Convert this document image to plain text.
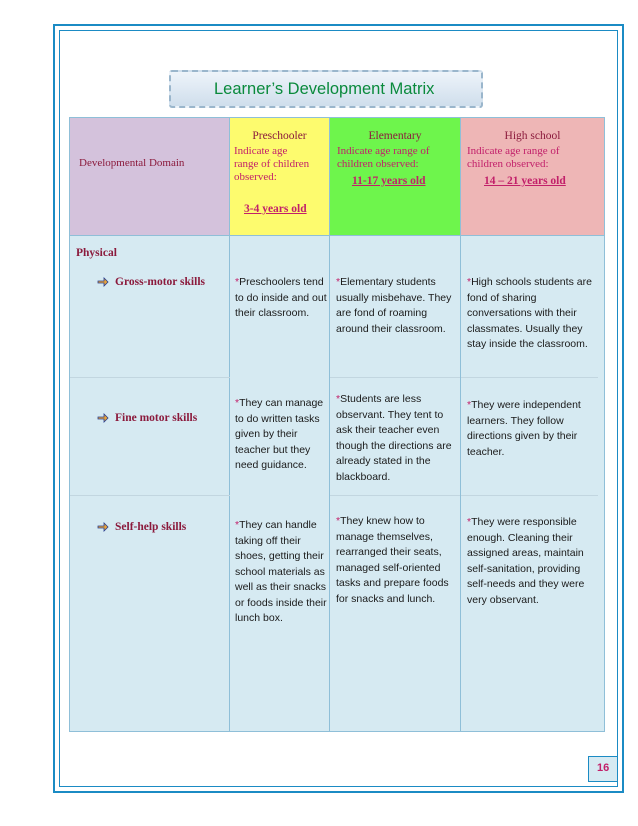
Learner’s Development Matrix
Developmental Domain
Preschooler
Indicate age range of children observed:
3-4 years old
Elementary
Indicate age range of children observed:
11-17 years old
High school
Indicate age range of children observed:
14 – 21 years old
Physical
Gross-motor skills	*Preschoolers tend to do inside and out their classroom.
*Elementary students usually misbehave. They are fond of roaming around their classroom.
*High schools students are fond of sharing conversations with their classmates. Usually they stay inside the classroom.
Fine motor skills
*They can manage to do written tasks given by their teacher but they need guidance.
*Students are less observant. They tent to ask their teacher even though the directions are already stated in the blackboard.
*They were independent learners. They follow directions given by their teacher.
Self-help skills	*They can handle taking off their shoes, getting their school materials as well as their snacks or foods inside their lunch box.
*They knew how to manage themselves, rearranged their seats, managed self-oriented tasks and prepare foods for snacks and lunch.
*They were responsible enough. Cleaning their assigned areas, maintain self-sanitation, providing self-needs and they were very observant.
16
